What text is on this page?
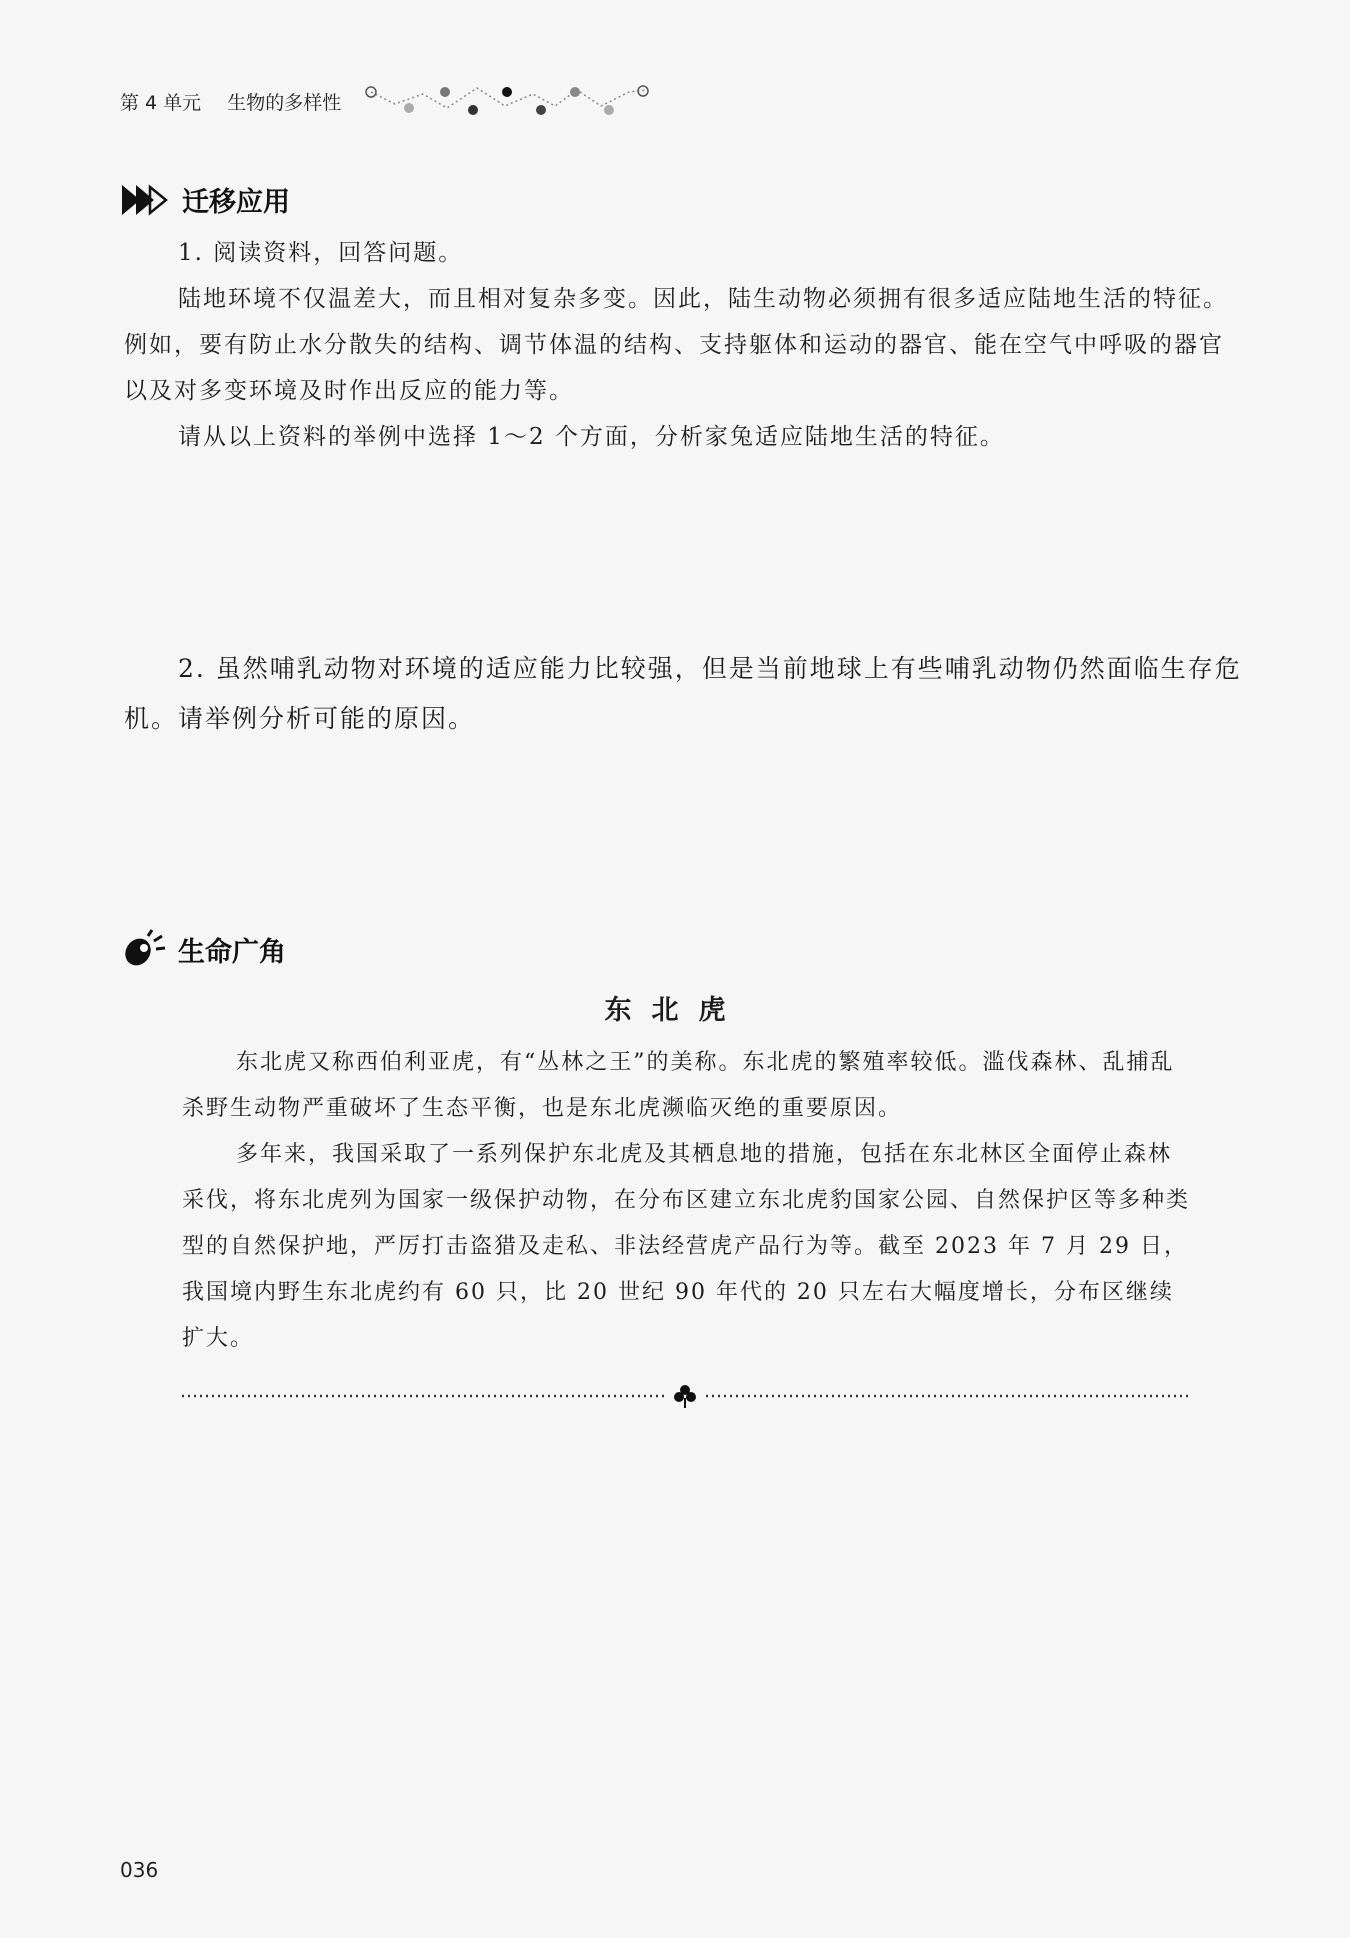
第 4 单元 生物的多样性
迁移应用

1. 阅读资料，回答问题。

陆地环境不仅温差大，而且相对复杂多变。因此，陆生动物必须拥有很多适应陆地生活的特征。例如，要有防止水分散失的结构、调节体温的结构、支持躯体和运动的器官、能在空气中呼吸的器官以及对多变环境及时作出反应的能力等。

请从以上资料的举例中选择 1～2 个方面，分析家兔适应陆地生活的特征。

2. 虽然哺乳动物对环境的适应能力比较强，但是当前地球上有些哺乳动物仍然面临生存危机。请举例分析可能的原因。

生命广角
东北虎

东北虎又称西伯利亚虎，有“丛林之王”的美称。东北虎的繁殖率较低。滥伐森林、乱捕乱杀野生动物严重破坏了生态平衡，也是东北虎濒临灭绝的重要原因。

多年来，我国采取了一系列保护东北虎及其栖息地的措施，包括在东北林区全面停止森林采伐，将东北虎列为国家一级保护动物，在分布区建立东北虎豹国家公园、自然保护区等多种类型的自然保护地，严厉打击盗猎及走私、非法经营虎产品行为等。截至 2023 年 7 月 29 日，我国境内野生东北虎约有 60 只，比 20 世纪 90 年代的 20 只左右大幅度增长，分布区继续扩大。

036
